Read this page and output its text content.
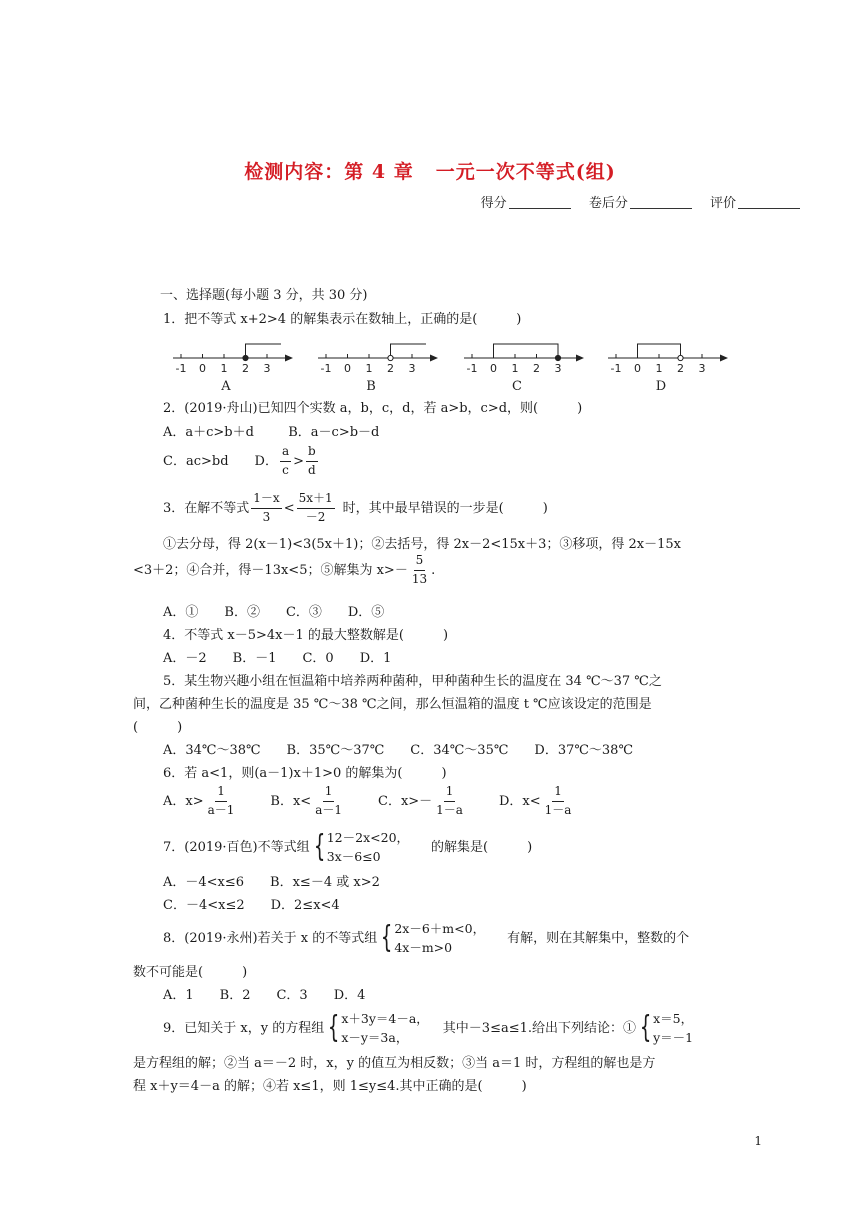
检测内容：第 4 章 一元一次不等式(组)
得分	卷后分	评价
一、选择题(每小题 3 分，共 30 分)
1．把不等式 x+2>4 的解集表示在数轴上，正确的是(　　　)
-1 0 1 2 3
A
-1 0 1 2 3
B
-1 0 1 2 3
C
-1 0 1 2 3
D
2．(2019·舟山)已知四个实数 a，b，c，d，若 a>b，c>d，则(　　　)
A．a＋c>b＋d	B．a－c>b－d
C．ac>bd D． $\frac{a}{c} > \frac{b}{d}$
3．在解不等式 $\frac{1-x}{3} < \frac{5x+1}{-2}$ 时，其中最早错误的一步是(　　　)
①去分母，得 2(x－1)<3(5x＋1)；②去括号，得 2x－2<15x＋3；③移项，得 2x－15x
<3＋2；④合并，得－13x<5；⑤解集为 $x>- \frac{5}{13}$ .
A．①　　B．②　　C．③　　D．⑤
4．不等式 x－5>4x－1 的最大整数解是(　　　)
A．－2　　B．－1　　C．0　　D．1
5．某生物兴趣小组在恒温箱中培养两种菌种，甲种菌种生长的温度在 34 ℃～37 ℃之
间，乙种菌种生长的温度是 35 ℃～38 ℃之间，那么恒温箱的温度 t ℃应该设定的范围是
(　　　)
A．34℃～38℃　　B．35℃～37℃　　C．34℃～35℃　　D．37℃～38℃
6．若 a<1，则(a－1)x＋1>0 的解集为(　　　)
A．$x> \frac{1}{a-1}$	B．$x< \frac{1}{a-1}$	C．$x>- \frac{1}{1-a}$	D．$x< \frac{1}{1-a}$
7．(2019·百色)不等式组 { 12－2x<20，
3x－6≤0
的解集是(　　　)
A．－4<x≤6　　B．x≤－4 或 x>2
C．－4<x≤2　　D．2≤x<4
8．(2019·永州)若关于 x 的不等式组 { 2x－6＋m<0，
4x－m>0
有解，则在其解集中，整数的个
数不可能是(　　　)
A．1　　B．2　　C．3　　D．4
9．已知关于 x，y 的方程组 { x＋3y＝4－a，
x－y＝3a，
其中－3≤a≤1.给出下列结论：① { x＝5，
y＝－1
是方程组的解；②当 a＝－2 时，x，y 的值互为相反数；③当 a＝1 时，方程组的解也是方
程 x＋y＝4－a 的解；④若 x≤1，则 1≤y≤4.其中正确的是(　　　)
1
